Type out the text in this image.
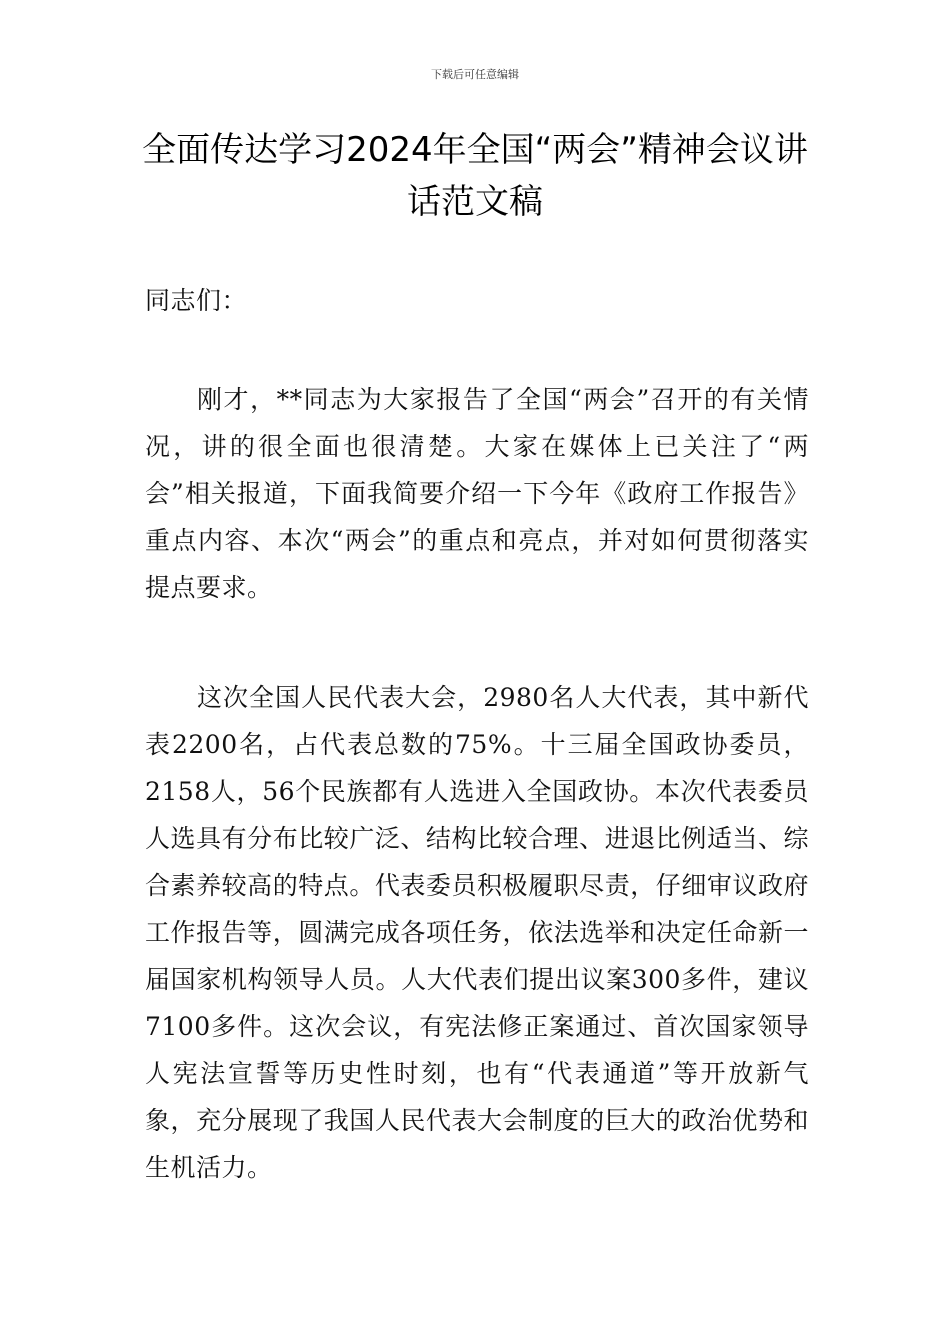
下载后可任意编辑
全面传达学习2024年全国“两会”精神会议讲话范文稿

同志们：

刚才，**同志为大家报告了全国“两会”召开的有关情况，讲的很全面也很清楚。大家在媒体上已关注了“两会”相关报道，下面我简要介绍一下今年《政府工作报告》重点内容、本次“两会”的重点和亮点，并对如何贯彻落实提点要求。

这次全国人民代表大会，2980名人大代表，其中新代表2200名，占代表总数的75%。十三届全国政协委员，2158人，56个民族都有人选进入全国政协。本次代表委员人选具有分布比较广泛、结构比较合理、进退比例适当、综合素养较高的特点。代表委员积极履职尽责，仔细审议政府工作报告等，圆满完成各项任务，依法选举和决定任命新一届国家机构领导人员。人大代表们提出议案300多件，建议7100多件。这次会议，有宪法修正案通过、首次国家领导人宪法宣誓等历史性时刻，也有“代表通道”等开放新气象，充分展现了我国人民代表大会制度的巨大的政治优势和生机活力。
